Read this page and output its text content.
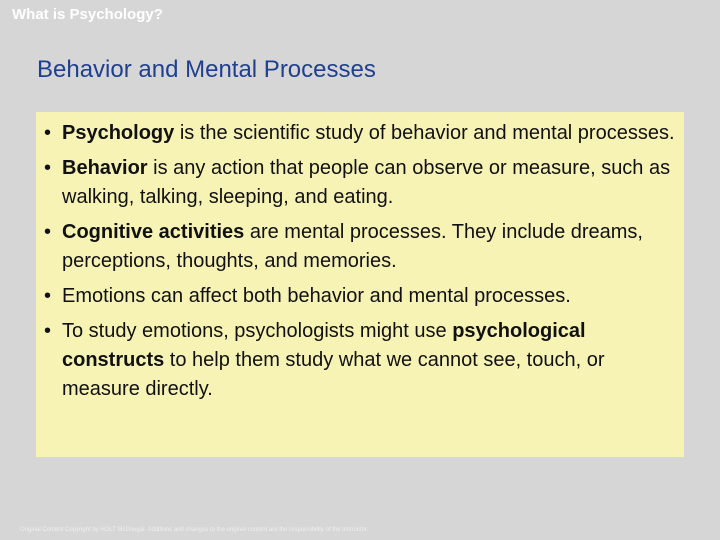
What is Psychology?
Behavior and Mental Processes
• Psychology is the scientific study of behavior and mental processes.
• Behavior is any action that people can observe or measure, such as walking, talking, sleeping, and eating.
• Cognitive activities are mental processes. They include dreams, perceptions, thoughts, and memories.
• Emotions can affect both behavior and mental processes.
• To study emotions, psychologists might use psychological constructs to help them study what we cannot see, touch, or measure directly.
Original Content Copyright by HOLT McDougal. Additions and changes to the original content are the responsibility of the instructor.
